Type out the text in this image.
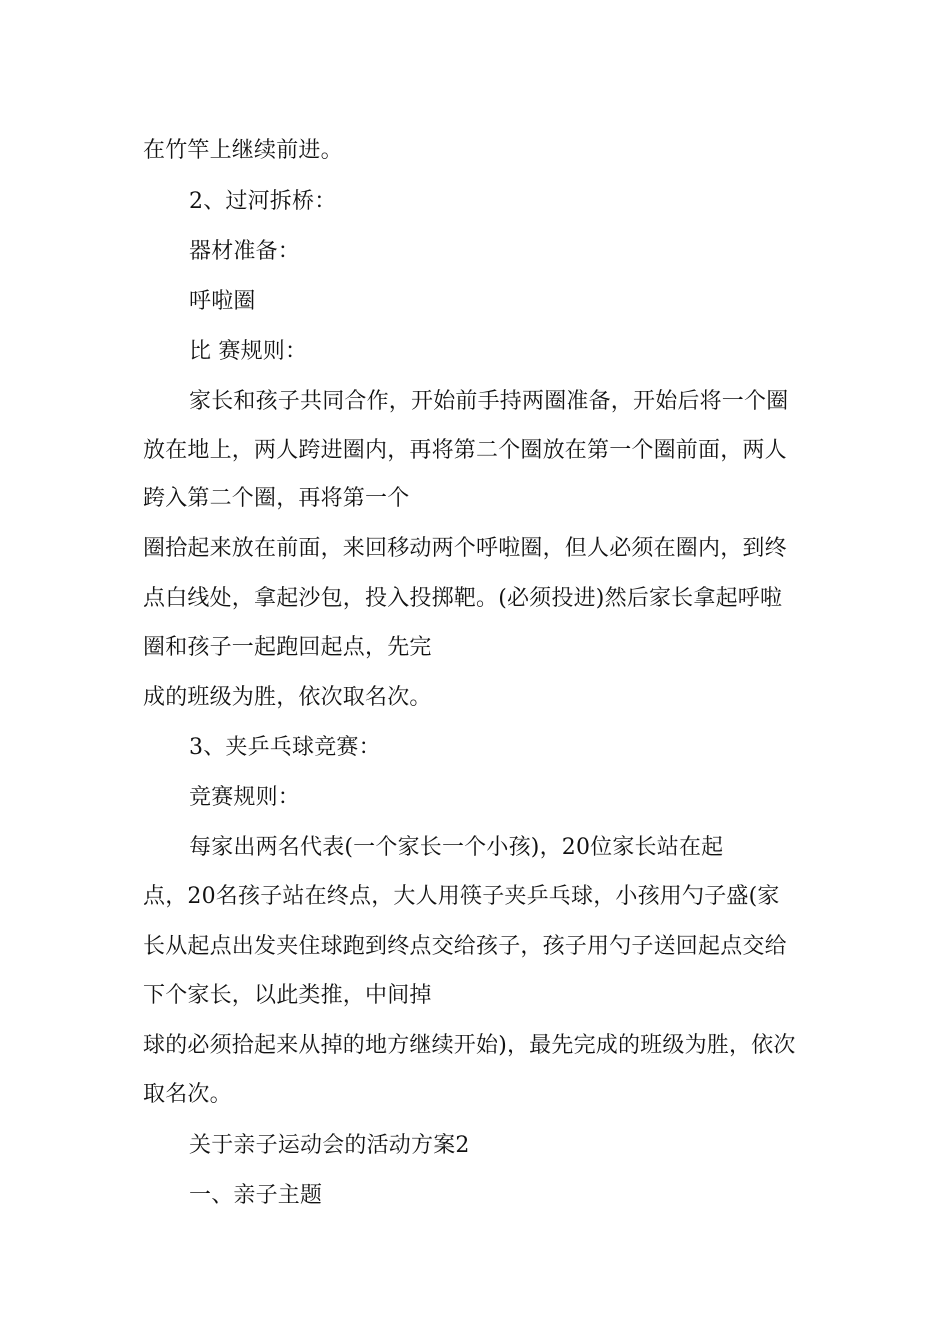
在竹竿上继续前进。
2、过河拆桥：
器材准备：
呼啦圈
比 赛规则：
家长和孩子共同合作，开始前手持两圈准备，开始后将一个圈
放在地上，两人跨进圈内，再将第二个圈放在第一个圈前面，两人
跨入第二个圈，再将第一个
圈拾起来放在前面，来回移动两个呼啦圈，但人必须在圈内，到终
点白线处，拿起沙包，投入投掷靶。(必须投进)然后家长拿起呼啦
圈和孩子一起跑回起点，先完
成的班级为胜，依次取名次。
3、夹乒乓球竞赛：
竞赛规则：
每家出两名代表(一个家长一个小孩)，20位家长站在起
点，20名孩子站在终点，大人用筷子夹乒乓球，小孩用勺子盛(家
长从起点出发夹住球跑到终点交给孩子，孩子用勺子送回起点交给
下个家长，以此类推，中间掉
球的必须拾起来从掉的地方继续开始)，最先完成的班级为胜，依次
取名次。
关于亲子运动会的活动方案2
一、亲子主题
